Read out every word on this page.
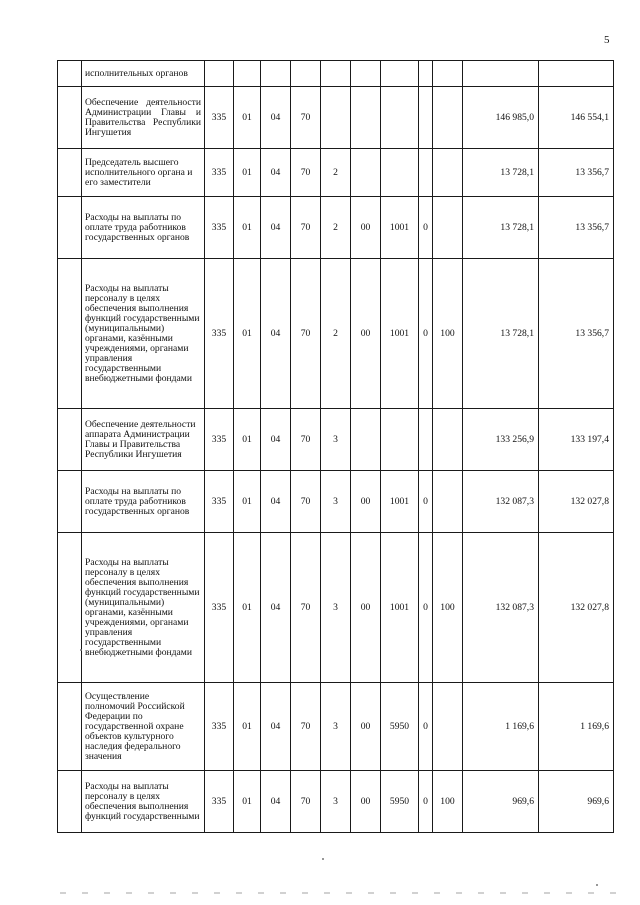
5
	исполнительных органов											
	Обеспечение деятельности Администрации Главы и Правительства Республики Ингушетия	335	01	04	70						146 985,0	146 554,1
	Председатель высшего исполнительного органа и его заместители	335	01	04	70	2					13 728,1	13 356,7
	Расходы на выплаты по оплате труда работников государственных органов	335	01	04	70	2	00	1001	0		13 728,1	13 356,7
	Расходы на выплаты персоналу в целях обеспечения выполнения функций государственными (муниципальными) органами, казёнными учреждениями, органами управления государственными внебюджетными фондами	335	01	04	70	2	00	1001	0	100	13 728,1	13 356,7
	Обеспечение деятельности аппарата Администрации Главы и Правительства Республики Ингушетия	335	01	04	70	3					133 256,9	133 197,4
	Расходы на выплаты по оплате труда работников государственных органов	335	01	04	70	3	00	1001	0		132 087,3	132 027,8
	Расходы на выплаты персоналу в целях обеспечения выполнения функций государственными (муниципальными) органами, казёнными учреждениями, органами управления государственными внебюджетными фондами	335	01	04	70	3	00	1001	0	100	132 087,3	132 027,8
	Осуществление полномочий Российской Федерации по государственной охране объектов культурного наследия федерального значения	335	01	04	70	3	00	5950	0		1 169,6	1 169,6
	Расходы на выплаты персоналу в целях обеспечения выполнения функций государственными	335	01	04	70	3	00	5950	0	100	969,6	969,6
